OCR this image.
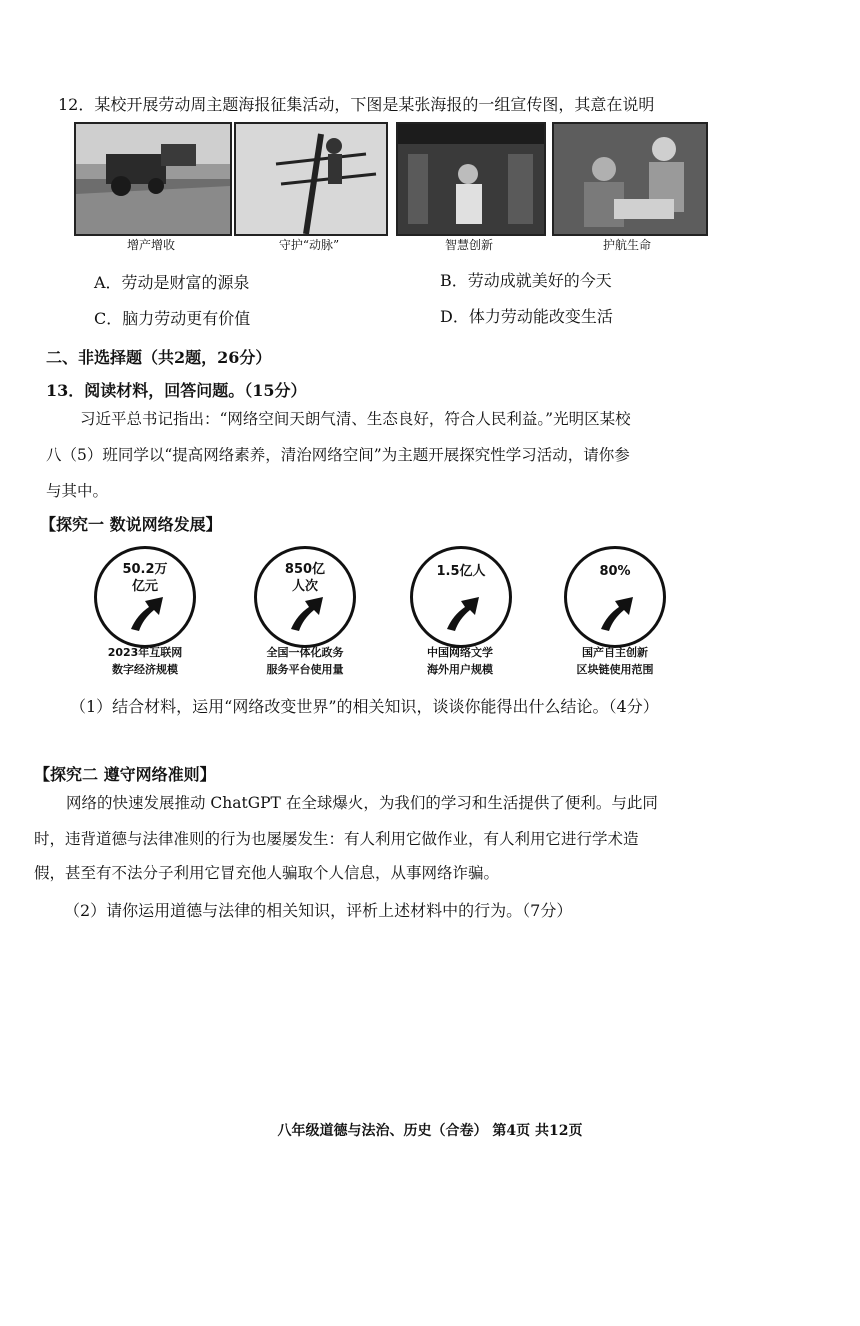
12．某校开展劳动周主题海报征集活动，下图是某张海报的一组宣传图，其意在说明
增产增收	守护“动脉”	智慧创新	护航生命
A．劳动是财富的源泉	B．劳动成就美好的今天
C．脑力劳动更有价值	D．体力劳动能改变生活
二、非选择题（共2题，26分）
13．阅读材料，回答问题。（15分）
习近平总书记指出：“网络空间天朗气清、生态良好，符合人民利益。”光明区某校
八（5）班同学以“提高网络素养，清治网络空间”为主题开展探究性学习活动，请你参
与其中。
【探究一 数说网络发展】
50.2万
亿元
850亿
人次
1.5亿人	80%
2023年互联网
数字经济规模
全国一体化政务
服务平台使用量
中国网络文学
海外用户规模
国产自主创新
区块链使用范围
（1）结合材料，运用“网络改变世界”的相关知识，谈谈你能得出什么结论。（4分）
【探究二 遵守网络准则】
网络的快速发展推动 ChatGPT 在全球爆火，为我们的学习和生活提供了便利。与此同
时，违背道德与法律准则的行为也屡屡发生：有人利用它做作业，有人利用它进行学术造
假，甚至有不法分子利用它冒充他人骗取个人信息，从事网络诈骗。
（2）请你运用道德与法律的相关知识，评析上述材料中的行为。（7分）
八年级道德与法治、历史（合卷） 第4页 共12页
